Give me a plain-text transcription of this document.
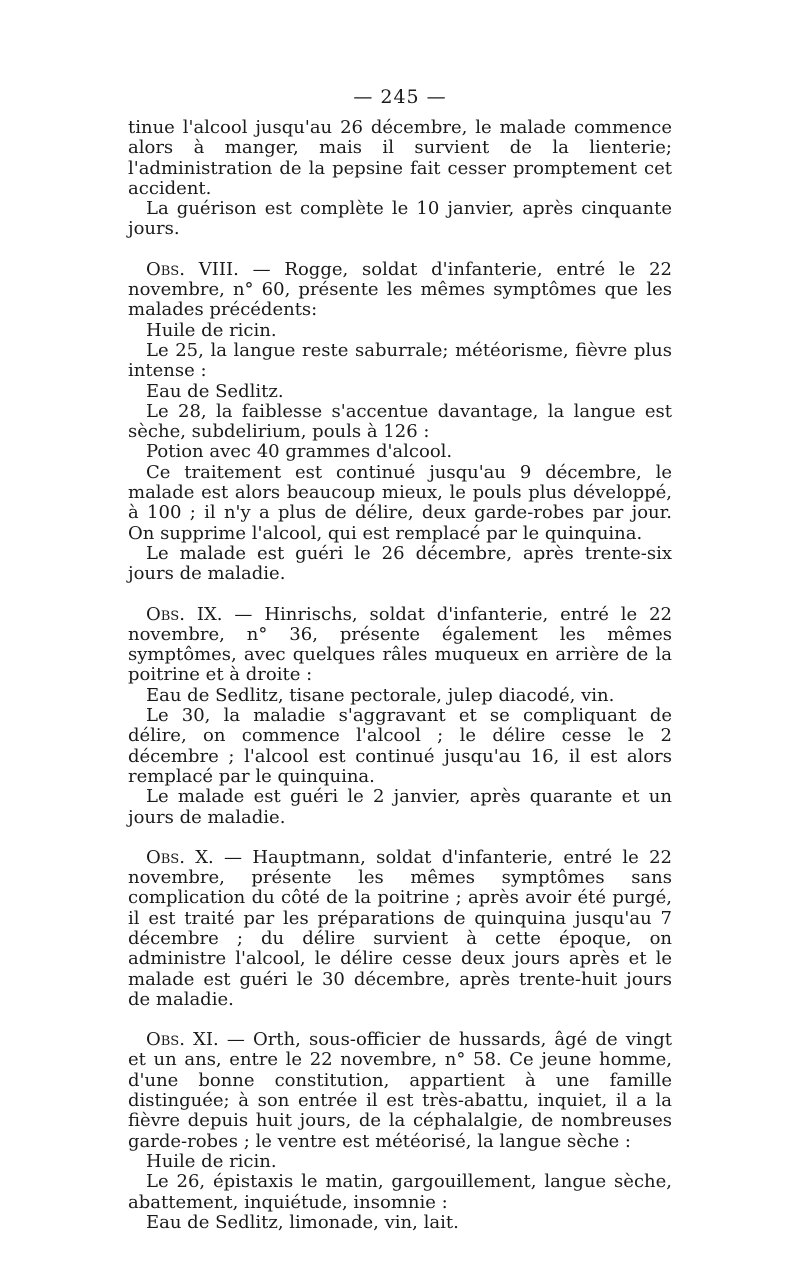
— 245 —

tinue l'alcool jusqu'au 26 décembre, le malade commence alors à manger, mais il survient de la lienterie; l'administration de la pepsine fait cesser promptement cet accident.

La guérison est complète le 10 janvier, après cinquante jours.

Obs. VIII. — Rogge, soldat d'infanterie, entré le 22 novembre, n° 60, présente les mêmes symptômes que les malades précédents:

Huile de ricin.

Le 25, la langue reste saburrale; météorisme, fièvre plus intense :

Eau de Sedlitz.

Le 28, la faiblesse s'accentue davantage, la langue est sèche, subdelirium, pouls à 126 :

Potion avec 40 grammes d'alcool.

Ce traitement est continué jusqu'au 9 décembre, le malade est alors beaucoup mieux, le pouls plus développé, à 100 ; il n'y a plus de délire, deux garde-robes par jour. On supprime l'alcool, qui est remplacé par le quinquina.

Le malade est guéri le 26 décembre, après trente-six jours de maladie.

Obs. IX. — Hinrischs, soldat d'infanterie, entré le 22 novembre, n° 36, présente également les mêmes symptômes, avec quelques râles muqueux en arrière de la poitrine et à droite :

Eau de Sedlitz, tisane pectorale, julep diacodé, vin.

Le 30, la maladie s'aggravant et se compliquant de délire, on commence l'alcool ; le délire cesse le 2 décembre ; l'alcool est continué jusqu'au 16, il est alors remplacé par le quinquina.

Le malade est guéri le 2 janvier, après quarante et un jours de maladie.

Obs. X. — Hauptmann, soldat d'infanterie, entré le 22 novembre, présente les mêmes symptômes sans complication du côté de la poitrine ; après avoir été purgé, il est traité par les préparations de quinquina jusqu'au 7 décembre ; du délire survient à cette époque, on administre l'alcool, le délire cesse deux jours après et le malade est guéri le 30 décembre, après trente-huit jours de maladie.

Obs. XI. — Orth, sous-officier de hussards, âgé de vingt et un ans, entre le 22 novembre, n° 58. Ce jeune homme, d'une bonne constitution, appartient à une famille distinguée; à son entrée il est très-abattu, inquiet, il a la fièvre depuis huit jours, de la céphalalgie, de nombreuses garde-robes ; le ventre est météorisé, la langue sèche :

Huile de ricin.

Le 26, épistaxis le matin, gargouillement, langue sèche, abattement, inquiétude, insomnie :

Eau de Sedlitz, limonade, vin, lait.
